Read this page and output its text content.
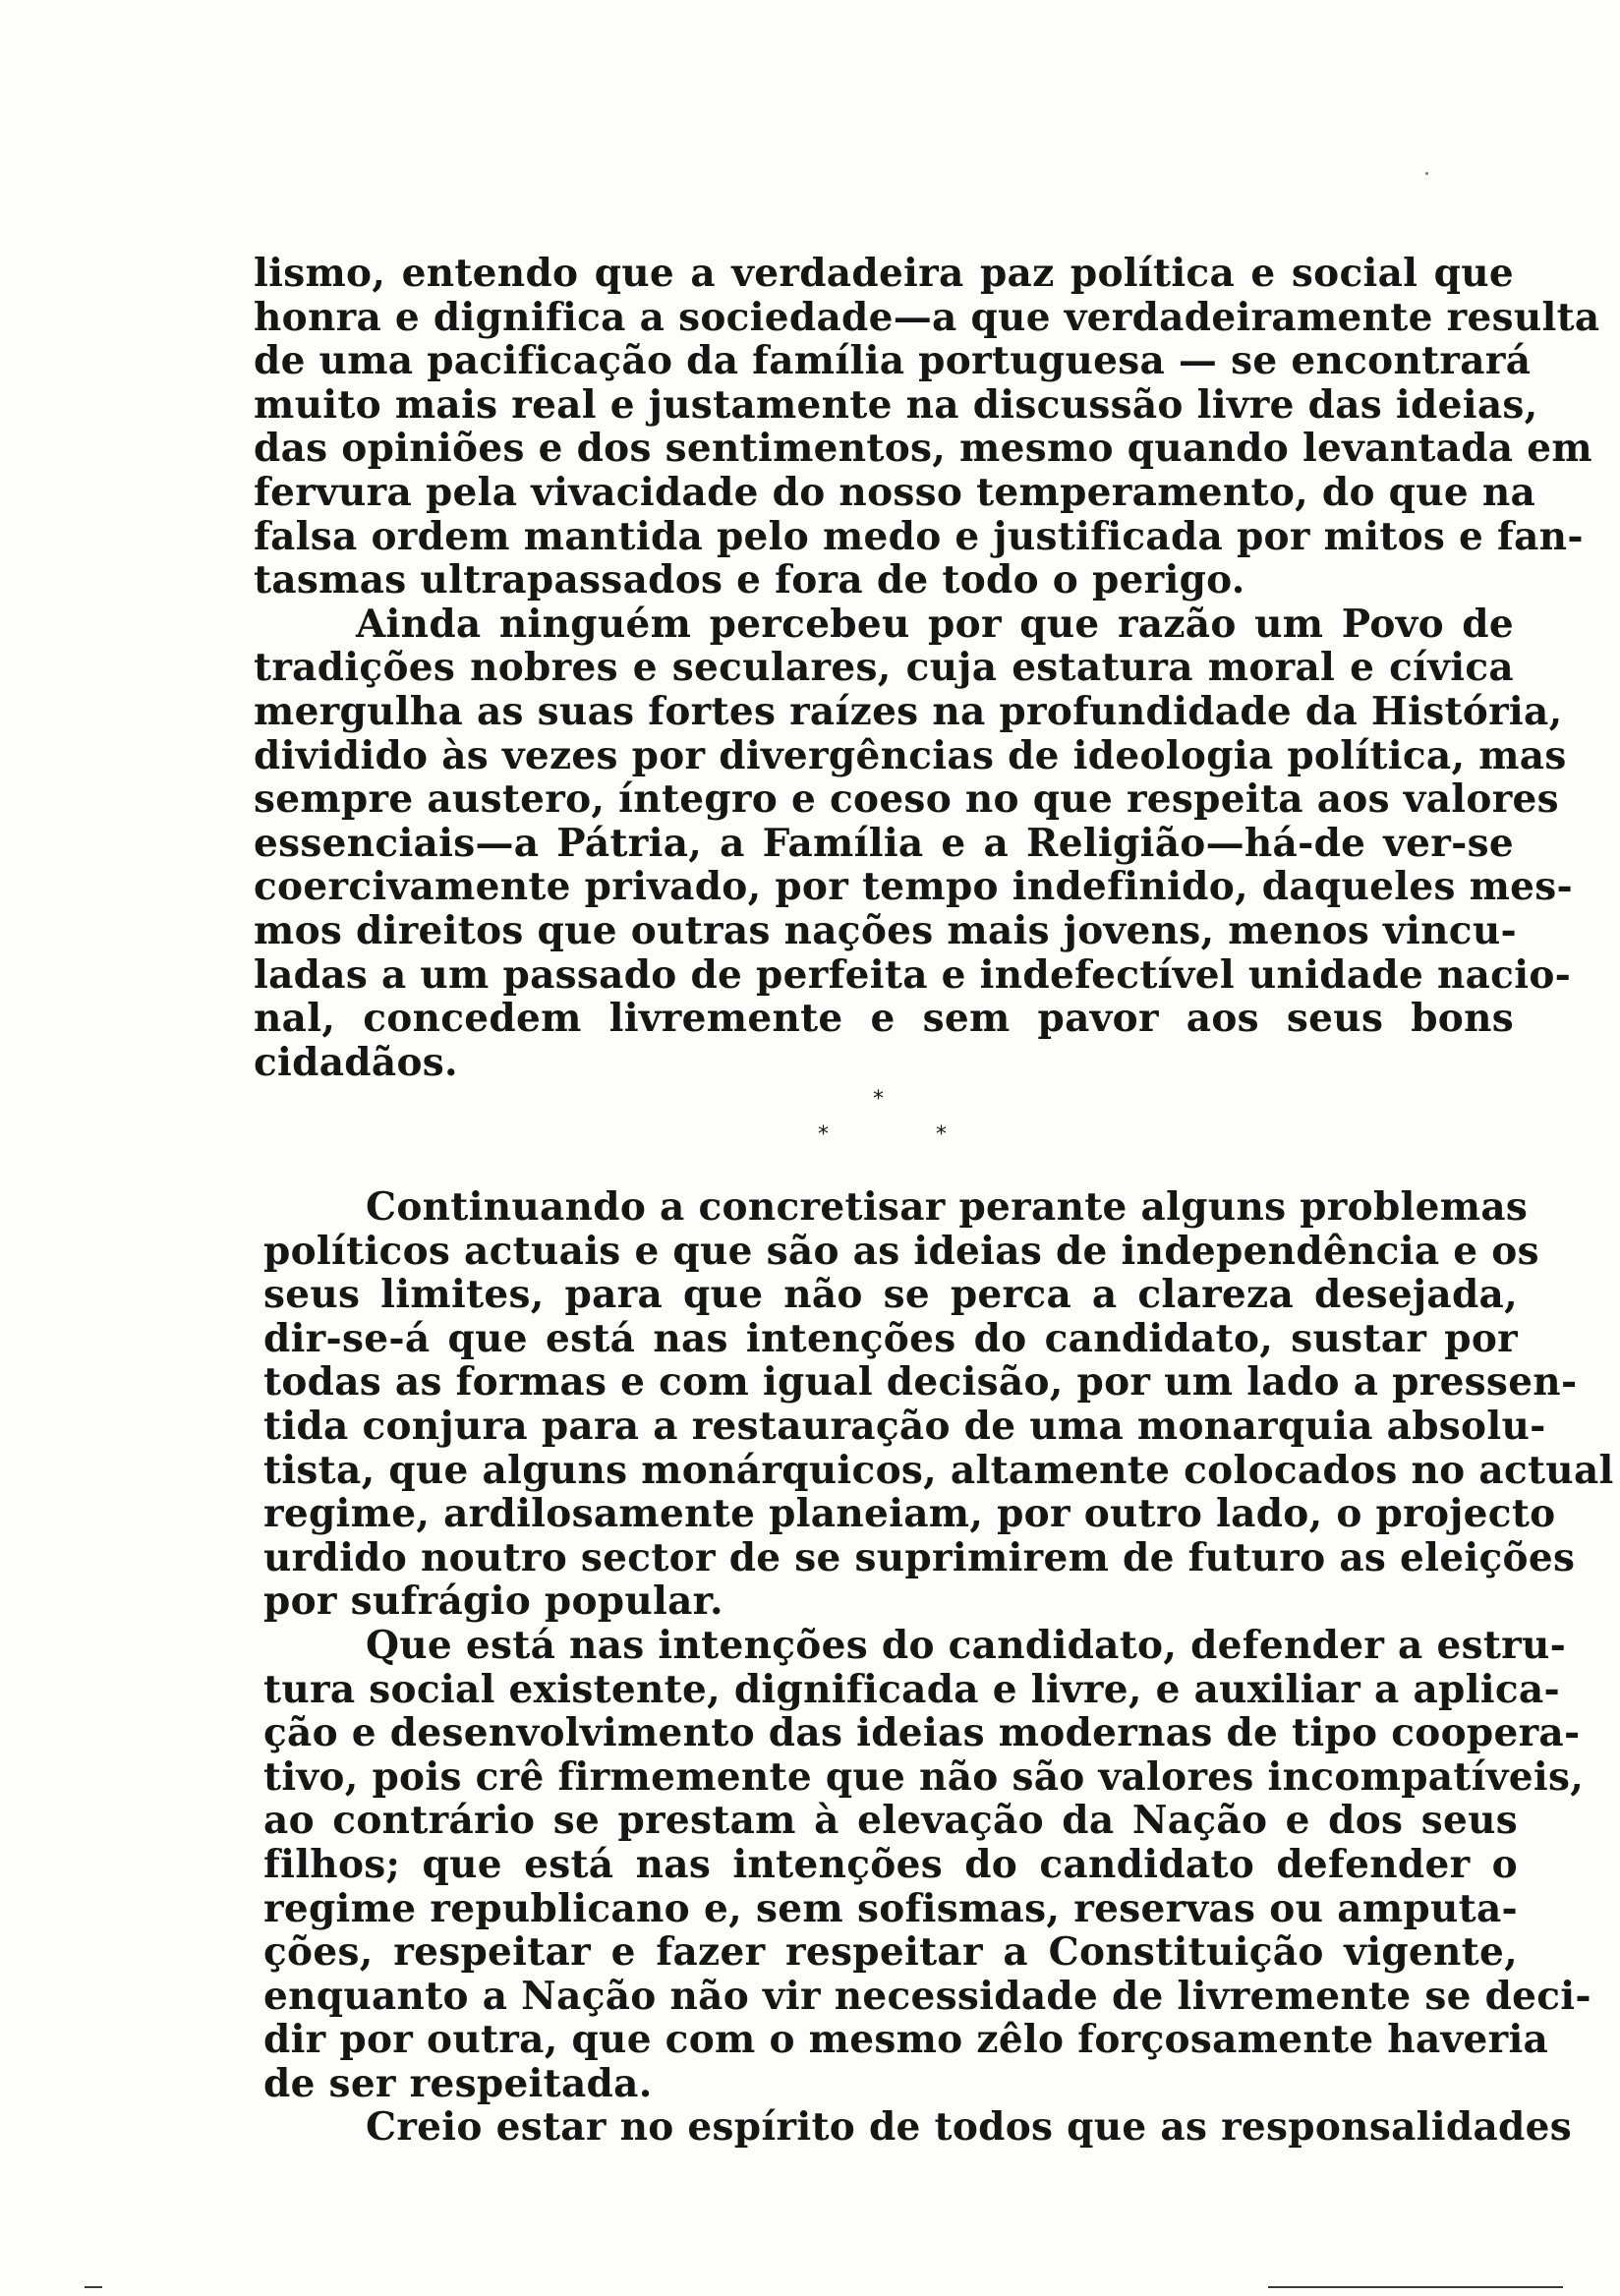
lismo, entendo que a verdadeira paz política e social que
honra e dignifica a sociedade—a que verdadeiramente resulta
de uma pacificação da família portuguesa — se encontrará
muito mais real e justamente na discussão livre das ideias,
das opiniões e dos sentimentos, mesmo quando levantada em
fervura pela vivacidade do nosso temperamento, do que na
falsa ordem mantida pelo medo e justificada por mitos e fan-
tasmas ultrapassados e fora de todo o perigo.
Ainda ninguém percebeu por que razão um Povo de
tradições nobres e seculares, cuja estatura moral e cívica
mergulha as suas fortes raízes na profundidade da História,
dividido às vezes por divergências de ideologia política, mas
sempre austero, íntegro e coeso no que respeita aos valores
essenciais—a Pátria, a Família e a Religião—há-de ver-se
coercivamente privado, por tempo indefinido, daqueles mes-
mos direitos que outras nações mais jovens, menos vincu-
ladas a um passado de perfeita e indefectível unidade nacio-
nal, concedem livremente e sem pavor aos seus bons
cidadãos.
*
*	*
Continuando a concretisar perante alguns problemas
políticos actuais e que são as ideias de independência e os
seus limites, para que não se perca a clareza desejada,
dir-se-á que está nas intenções do candidato, sustar por
todas as formas e com igual decisão, por um lado a pressen-
tida conjura para a restauração de uma monarquia absolu-
tista, que alguns monárquicos, altamente colocados no actual
regime, ardilosamente planeiam, por outro lado, o projecto
urdido noutro sector de se suprimirem de futuro as eleições
por sufrágio popular.
Que está nas intenções do candidato, defender a estru-
tura social existente, dignificada e livre, e auxiliar a aplica-
ção e desenvolvimento das ideias modernas de tipo coopera-
tivo, pois crê firmemente que não são valores incompatíveis,
ao contrário se prestam à elevação da Nação e dos seus
filhos; que está nas intenções do candidato defender o
regime republicano e, sem sofismas, reservas ou amputa-
ções, respeitar e fazer respeitar a Constituição vigente,
enquanto a Nação não vir necessidade de livremente se deci-
dir por outra, que com o mesmo zêlo forçosamente haveria
de ser respeitada.
Creio estar no espírito de todos que as responsalidades
